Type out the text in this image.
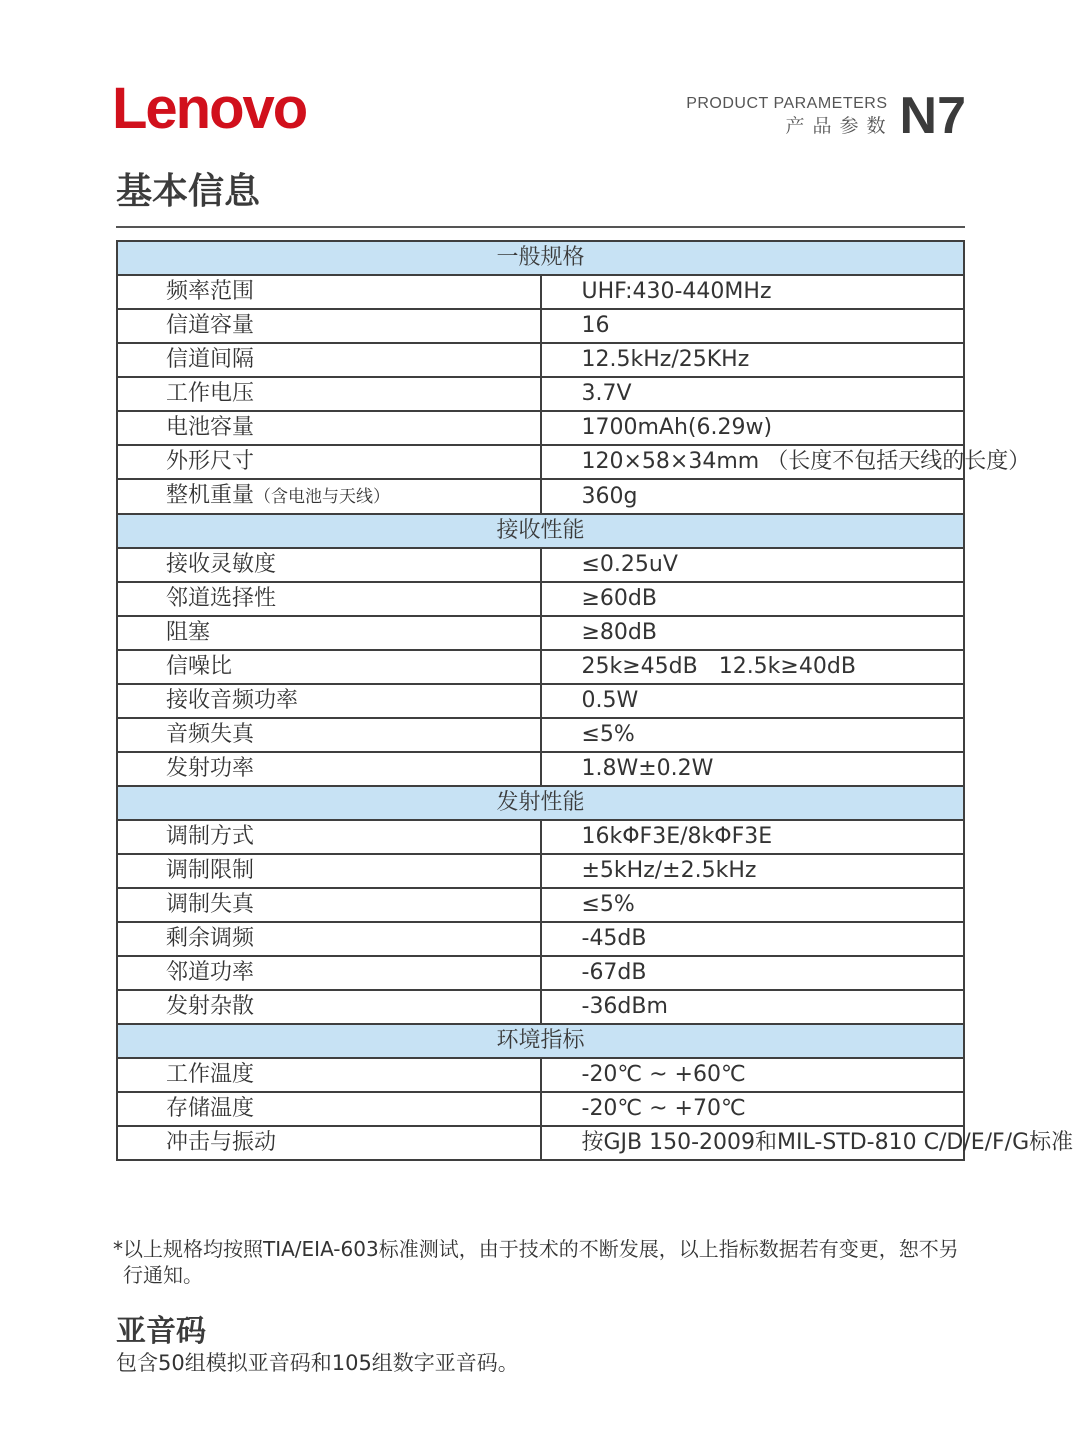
Lenovo	PRODUCT PARAMETERS
产品参数 N7
基本信息
一般规格	
频率范围	UHF:430-440MHz
信道容量	16
信道间隔	12.5kHz/25KHz
工作电压	3.7V
电池容量	1700mAh(6.29w)
外形尺寸	120×58×34mm （长度不包括天线的长度）
整机重量（含电池与天线）	360g
接收性能	
接收灵敏度	≤0.25uV
邻道选择性	≥60dB
阻塞	≥80dB
信噪比	25k≥45dB   12.5k≥40dB
接收音频功率	0.5W
音频失真	≤5%
发射功率	1.8W±0.2W
发射性能	
调制方式	16kΦF3E/8kΦF3E
调制限制	±5kHz/±2.5kHz
调制失真	≤5%
剩余调频	-45dB
邻道功率	-67dB
发射杂散	-36dBm
环境指标	
工作温度	-20℃ ~ +60℃
存储温度	-20℃ ~ +70℃
冲击与振动	按GJB 150-2009和MIL-STD-810 C/D/E/F/G标准
*以上规格均按照TIA/EIA-603标准测试，由于技术的不断发展，以上指标数据若有变更，恕不另
行通知。
亚音码
包含50组模拟亚音码和105组数字亚音码。
